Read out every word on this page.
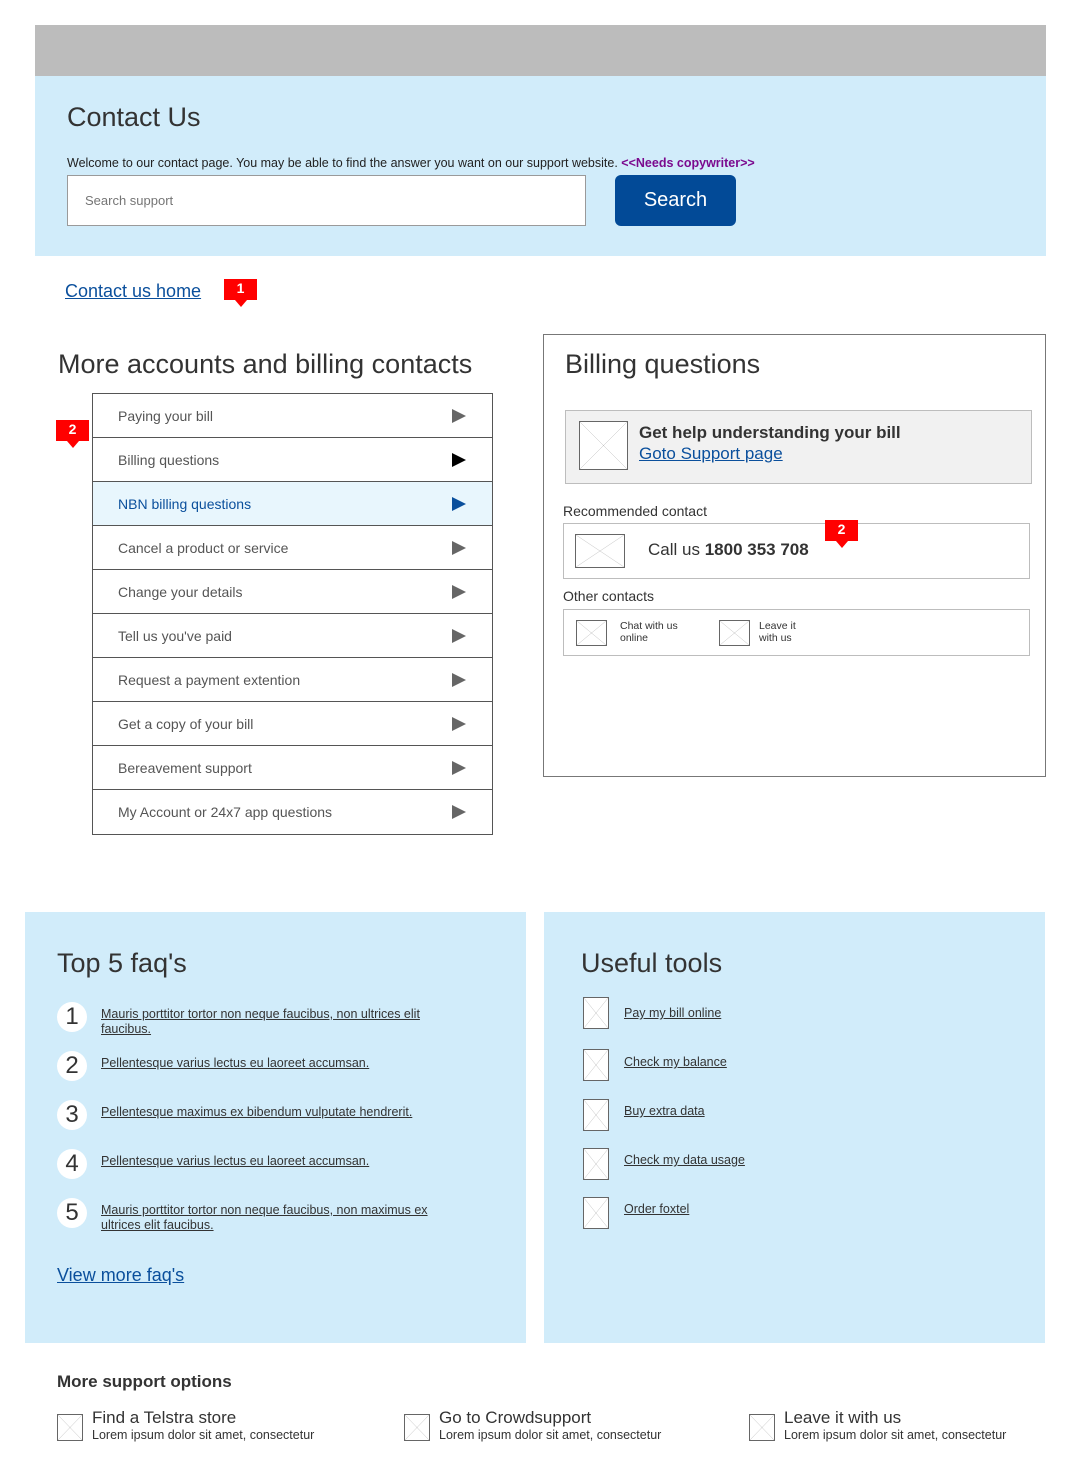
Contact Us
Welcome to our contact page. You may be able to find the answer you want on our support website. <<Needs copywriter>>
Search support
Search
Contact us home	1
More accounts and billing contacts
2
Paying your bill
Billing questions
NBN billing questions
Cancel a product or service
Change your details
Tell us you've paid
Request a payment extention
Get a copy of your bill
Bereavement support
My Account or 24x7 app questions
Billing questions
Get help understanding your bill
Goto Support page
Recommended contact
Call us 1800 353 708
2
Other contacts
Chat with us
online
Leave it
with us
Top 5 faq's
1	Mauris porttitor tortor non neque faucibus, non ultrices elit faucibus.
2	Pellentesque varius lectus eu laoreet accumsan.
3	Pellentesque maximus ex bibendum vulputate hendrerit.
4	Pellentesque varius lectus eu laoreet accumsan.
5	Mauris porttitor tortor non neque faucibus, non maximus ex ultrices elit faucibus.
View more faq's
Useful tools
Pay my bill online
Check my balance
Buy extra data
Check my data usage
Order foxtel
More support options
Find a Telstra store
Lorem ipsum dolor sit amet, consectetur
Go to Crowdsupport
Lorem ipsum dolor sit amet, consectetur
Leave it with us
Lorem ipsum dolor sit amet, consectetur
